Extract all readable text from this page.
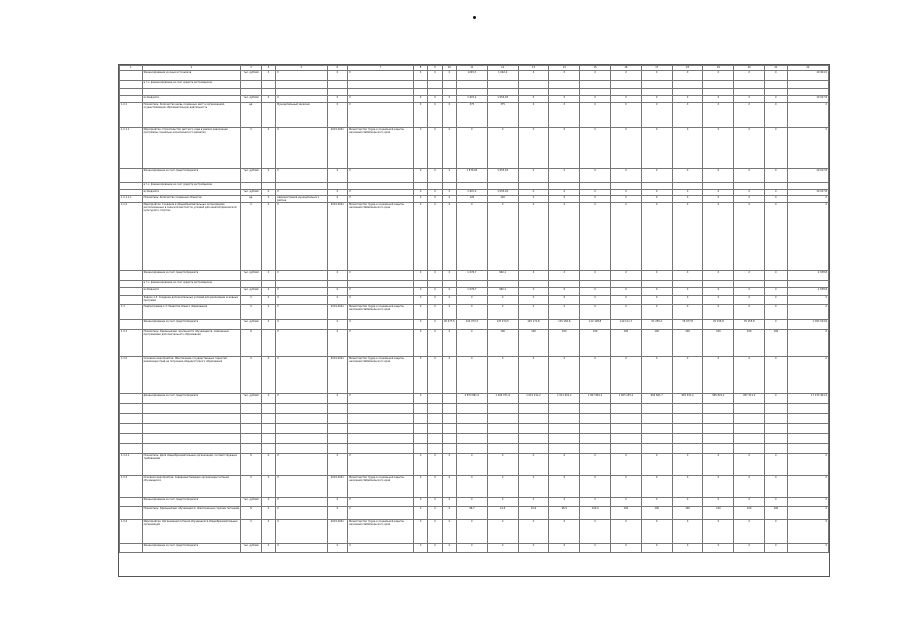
1	2	3	4	5	6	7	8	9	10	11	12	13	14	15	16	17	18	19	20	21	22
	Финансирование из иных источников	тыс. рублей	Х	Х	Х	Х	Х	Х	Х	1203,3	1 042,0	Х	Х	Х	Х	Х	Х	Х	Х	Х	10 004,5
	в т.ч. финансирование за счет средств застройщиков																				

	из бюджета	тыс. рублей	Х	Х	Х	Х	Х	Х	Х	1 607,2	1 053,18	Х	Х	Х	Х	Х	Х	Х	Х	Х	10 017,8
1.2.1	Показатель: Количество вновь созданных мест в организациях, осуществляющих образовательную деятельность	ед.		Муниципальный заказчик	Х	Х	Х	Х	Х	375	375	Х	Х	Х	Х	Х	Х	Х	Х	Х	Х
1.2.1.1	Мероприятие: Строительство детского сада в рамках реализации программы социально-экономического развития	Х	Х	Х	2019-2021	Министерство труда и социальной защиты населения Забайкальского края	Х	Х	Х	Х	Х	Х	Х	Х	Х	Х	Х	Х	Х	Х	Х
	Финансирование за счет средств бюджета	тыс. рублей	Х	Х	Х	Х	Х	Х	Х	1 875,65	1 053,18	Х	Х	Х	Х	Х	Х	Х	Х	Х	10 017,8
	в т.ч. финансирование за счет средств застройщиков																				
	из бюджета	тыс. рублей	Х	Х	Х	Х	Х	Х	Х	1 607,2	1 053,18	Х	Х	Х	Х	Х	Х	Х	Х	Х	10 017,8
1.2.1.1.1	Показатель: Количество созданных объектов	ед.	Х	Администрация муниципального района	Х	Х	Х	Х	Х	120	120	Х	Х	Х	Х	Х	Х	Х	Х	Х	Х
1.2.2	Мероприятие: Создание в общеобразовательных организациях, расположенных в сельской местности, условий для занятий физической культурой и спортом	Х	Х	Х	2019-2021	Министерство труда и социальной защиты населения Забайкальского края	Х	Х	Х	Х	Х	Х	Х	Х	Х	Х	Х	Х	Х	Х	Х
	Финансирование за счет средств бюджета	тыс. рублей	Х	Х	Х	Х	Х	Х	Х	1 076,7	962,1	Х	Х	Х	Х	Х	Х	Х	Х	Х	2 038,8
	в т.ч. финансирование за счет средств застройщиков																				
	из бюджета	тыс. рублей	Х	Х	Х	Х	Х	Х	Х	1 076,7	962,1	Х	Х	Х	Х	Х	Х	Х	Х	Х	2 038,8
	Задача 1.3: Создание дополнительных условий для реализации основных программ	Х	Х	Х	Х	Х	Х	Х	Х	Х	Х	Х	Х	Х	Х	Х	Х	Х	Х	Х	Х
1.3	Подпрограмма 1.3: Развитие общего образования	Х	Х	Х	2019-2021	Министерство труда и социальной защиты населения Забайкальского края	Х	Х	Х	Х	Х	Х	Х	Х	Х	Х	Х	Х	Х	Х	Х
	Финансирование за счет средств бюджета	тыс. рублей	Х	Х	Х	Х	Х	Х	20 277,5	141 073,3	147 274,5	145 171,8	115 182,6	112 128,8	110 111,7	97 255,2	76 077,8	76 155,8	76 155,8	Х	1 397 104,9
1.3.1	Показатель: Удельный вес численности обучающихся, охваченных программами дополнительного образования	%		Х	Х	Х	Х	Х	Х	Х	100	100	100	100	100	100	100	100	100	100	Х
1.3.2	Основное мероприятие: Обеспечение государственных гарантий реализации прав на получение общедоступного образования	Х	Х	Х	2019-2021	Министерство труда и социальной защиты населения Забайкальского края	Х	Х	Х	Х	Х	Х	Х	Х	Х	Х	Х	Х	Х	Х	Х
	финансирование за счет средств бюджета	тыс. рублей	Х	Х	Х	Х	Х			2 873 891,2	1 044 371,4	1 012 211,2	1 011 401,2	1 007 861,2	1 003 155,2	994 661,7	981 531,2	965 821,2	957 311,3	Х	17 213 404,2

1.3.2.1	Показатель: Доля общеобразовательных организаций, соответствующих требованиям	%	Х	Х	Х	Х	Х	Х	Х	Х	Х	Х	Х	Х	Х	Х	Х	Х	Х	Х	Х
1.3.3	Основное мероприятие: Совершенствование организации питания обучающихся	Х	Х	Х	2019-2021	Министерство труда и социальной защиты населения Забайкальского края	Х	Х	Х	Х	Х	Х	Х	Х	Х	Х	Х	Х	Х	Х	Х
	Финансирование за счет средств бюджета	тыс. рублей	Х	Х	Х	Х	Х	Х	Х	Х	Х	Х	Х	Х	Х	Х	Х	Х	Х	Х	Х
	Показатель: Удельный вес обучающихся, обеспеченных горячим питанием	%	Х	Х	Х	Х	Х	Х	Х	96,7	14,5	15,6	96,5	100,0	100	100	100	100	100	100	Х
1.3.4	Мероприятие: Организация питания обучающихся общеобразовательных организаций	Х	Х	Х	2019-2021	Министерство труда и социальной защиты населения Забайкальского края	Х	Х	Х	Х	Х	Х	Х	Х	Х	Х	Х	Х	Х	Х	Х
	Финансирование за счет средств бюджета	тыс. рублей	Х	Х	Х	Х	Х	Х	Х	Х	Х	Х	Х	Х	Х	Х	Х	Х	Х	Х	Х
